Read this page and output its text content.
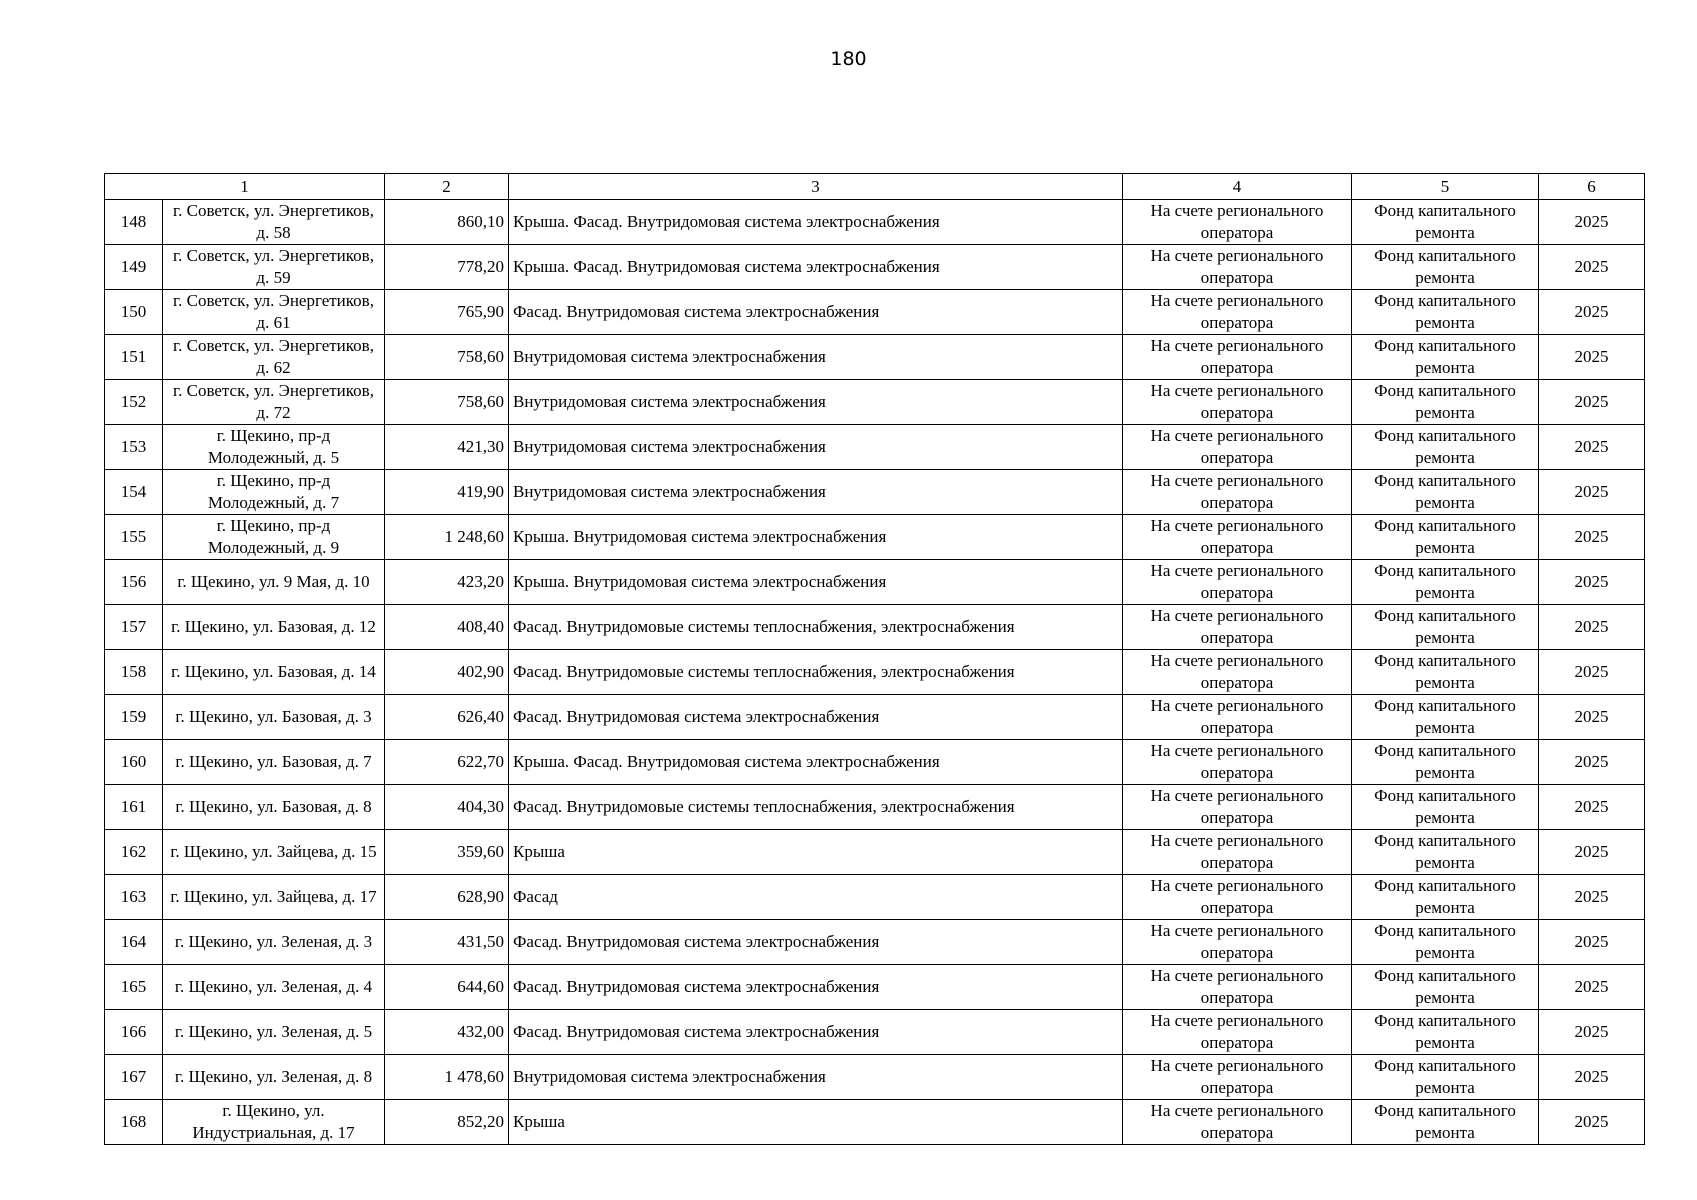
180
1		2	3	4	5	6
148	г. Советск, ул. Энергетиков, д. 58	860,10	Крыша. Фасад. Внутридомовая система электроснабжения	На счете регионального оператора	Фонд капитального ремонта	2025
149	г. Советск, ул. Энергетиков, д. 59	778,20	Крыша. Фасад. Внутридомовая система электроснабжения	На счете регионального оператора	Фонд капитального ремонта	2025
150	г. Советск, ул. Энергетиков, д. 61	765,90	Фасад. Внутридомовая система электроснабжения	На счете регионального оператора	Фонд капитального ремонта	2025
151	г. Советск, ул. Энергетиков, д. 62	758,60	Внутридомовая система электроснабжения	На счете регионального оператора	Фонд капитального ремонта	2025
152	г. Советск, ул. Энергетиков, д. 72	758,60	Внутридомовая система электроснабжения	На счете регионального оператора	Фонд капитального ремонта	2025
153	г. Щекино, пр-д Молодежный, д. 5	421,30	Внутридомовая система электроснабжения	На счете регионального оператора	Фонд капитального ремонта	2025
154	г. Щекино, пр-д Молодежный, д. 7	419,90	Внутридомовая система электроснабжения	На счете регионального оператора	Фонд капитального ремонта	2025
155	г. Щекино, пр-д Молодежный, д. 9	1 248,60	Крыша. Внутридомовая система электроснабжения	На счете регионального оператора	Фонд капитального ремонта	2025
156	г. Щекино, ул. 9 Мая, д. 10	423,20	Крыша. Внутридомовая система электроснабжения	На счете регионального оператора	Фонд капитального ремонта	2025
157	г. Щекино, ул. Базовая, д. 12	408,40	Фасад. Внутридомовые системы теплоснабжения, электроснабжения	На счете регионального оператора	Фонд капитального ремонта	2025
158	г. Щекино, ул. Базовая, д. 14	402,90	Фасад. Внутридомовые системы теплоснабжения, электроснабжения	На счете регионального оператора	Фонд капитального ремонта	2025
159	г. Щекино, ул. Базовая, д. 3	626,40	Фасад. Внутридомовая система электроснабжения	На счете регионального оператора	Фонд капитального ремонта	2025
160	г. Щекино, ул. Базовая, д. 7	622,70	Крыша. Фасад. Внутридомовая система электроснабжения	На счете регионального оператора	Фонд капитального ремонта	2025
161	г. Щекино, ул. Базовая, д. 8	404,30	Фасад. Внутридомовые системы теплоснабжения, электроснабжения	На счете регионального оператора	Фонд капитального ремонта	2025
162	г. Щекино, ул. Зайцева, д. 15	359,60	Крыша	На счете регионального оператора	Фонд капитального ремонта	2025
163	г. Щекино, ул. Зайцева, д. 17	628,90	Фасад	На счете регионального оператора	Фонд капитального ремонта	2025
164	г. Щекино, ул. Зеленая, д. 3	431,50	Фасад. Внутридомовая система электроснабжения	На счете регионального оператора	Фонд капитального ремонта	2025
165	г. Щекино, ул. Зеленая, д. 4	644,60	Фасад. Внутридомовая система электроснабжения	На счете регионального оператора	Фонд капитального ремонта	2025
166	г. Щекино, ул. Зеленая, д. 5	432,00	Фасад. Внутридомовая система электроснабжения	На счете регионального оператора	Фонд капитального ремонта	2025
167	г. Щекино, ул. Зеленая, д. 8	1 478,60	Внутридомовая система электроснабжения	На счете регионального оператора	Фонд капитального ремонта	2025
168	г. Щекино, ул. Индустриальная, д. 17	852,20	Крыша	На счете регионального оператора	Фонд капитального ремонта	2025
